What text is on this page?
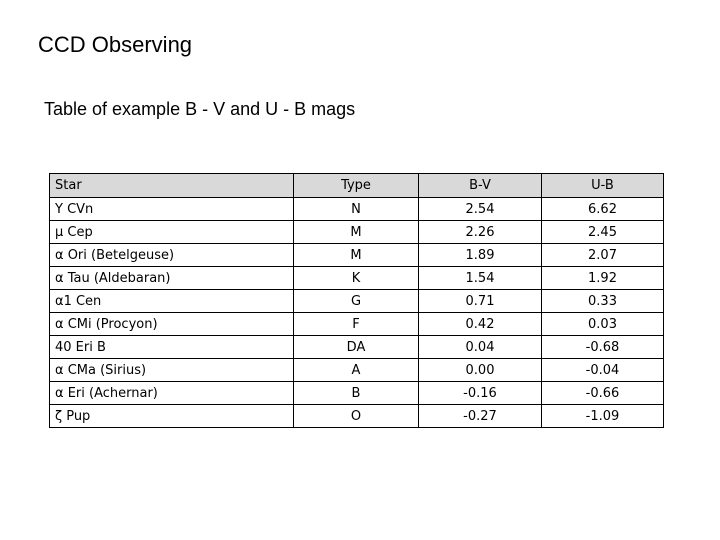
CCD Observing
Table of example B - V and U - B mags
Star	Type	B-V	U-B
Y CVn	N	2.54	6.62
μ Cep	M	2.26	2.45
α Ori (Betelgeuse)	M	1.89	2.07
α Tau (Aldebaran)	K	1.54	1.92
α1 Cen	G	0.71	0.33
α CMi (Procyon)	F	0.42	0.03
40 Eri B	DA	0.04	-0.68
α CMa (Sirius)	A	0.00	-0.04
α Eri (Achernar)	B	-0.16	-0.66
ζ Pup	O	-0.27	-1.09
